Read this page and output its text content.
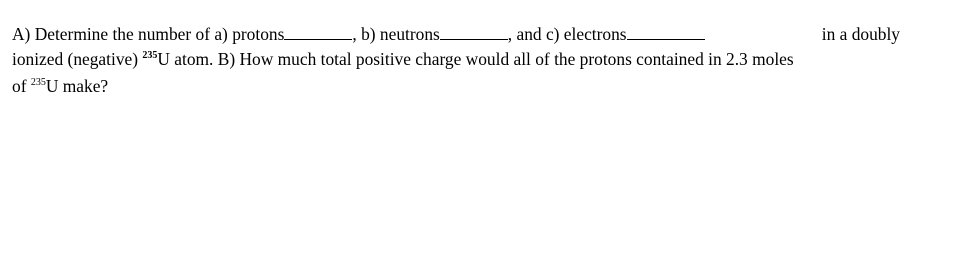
A) Determine the number of a) protons	, b) neutrons	, and c) electrons	in a doubly
ionized (negative) $^{235}$U atom. B) How much total positive charge would all of the protons contained in 2.3 moles
of $^{235}$U make?
